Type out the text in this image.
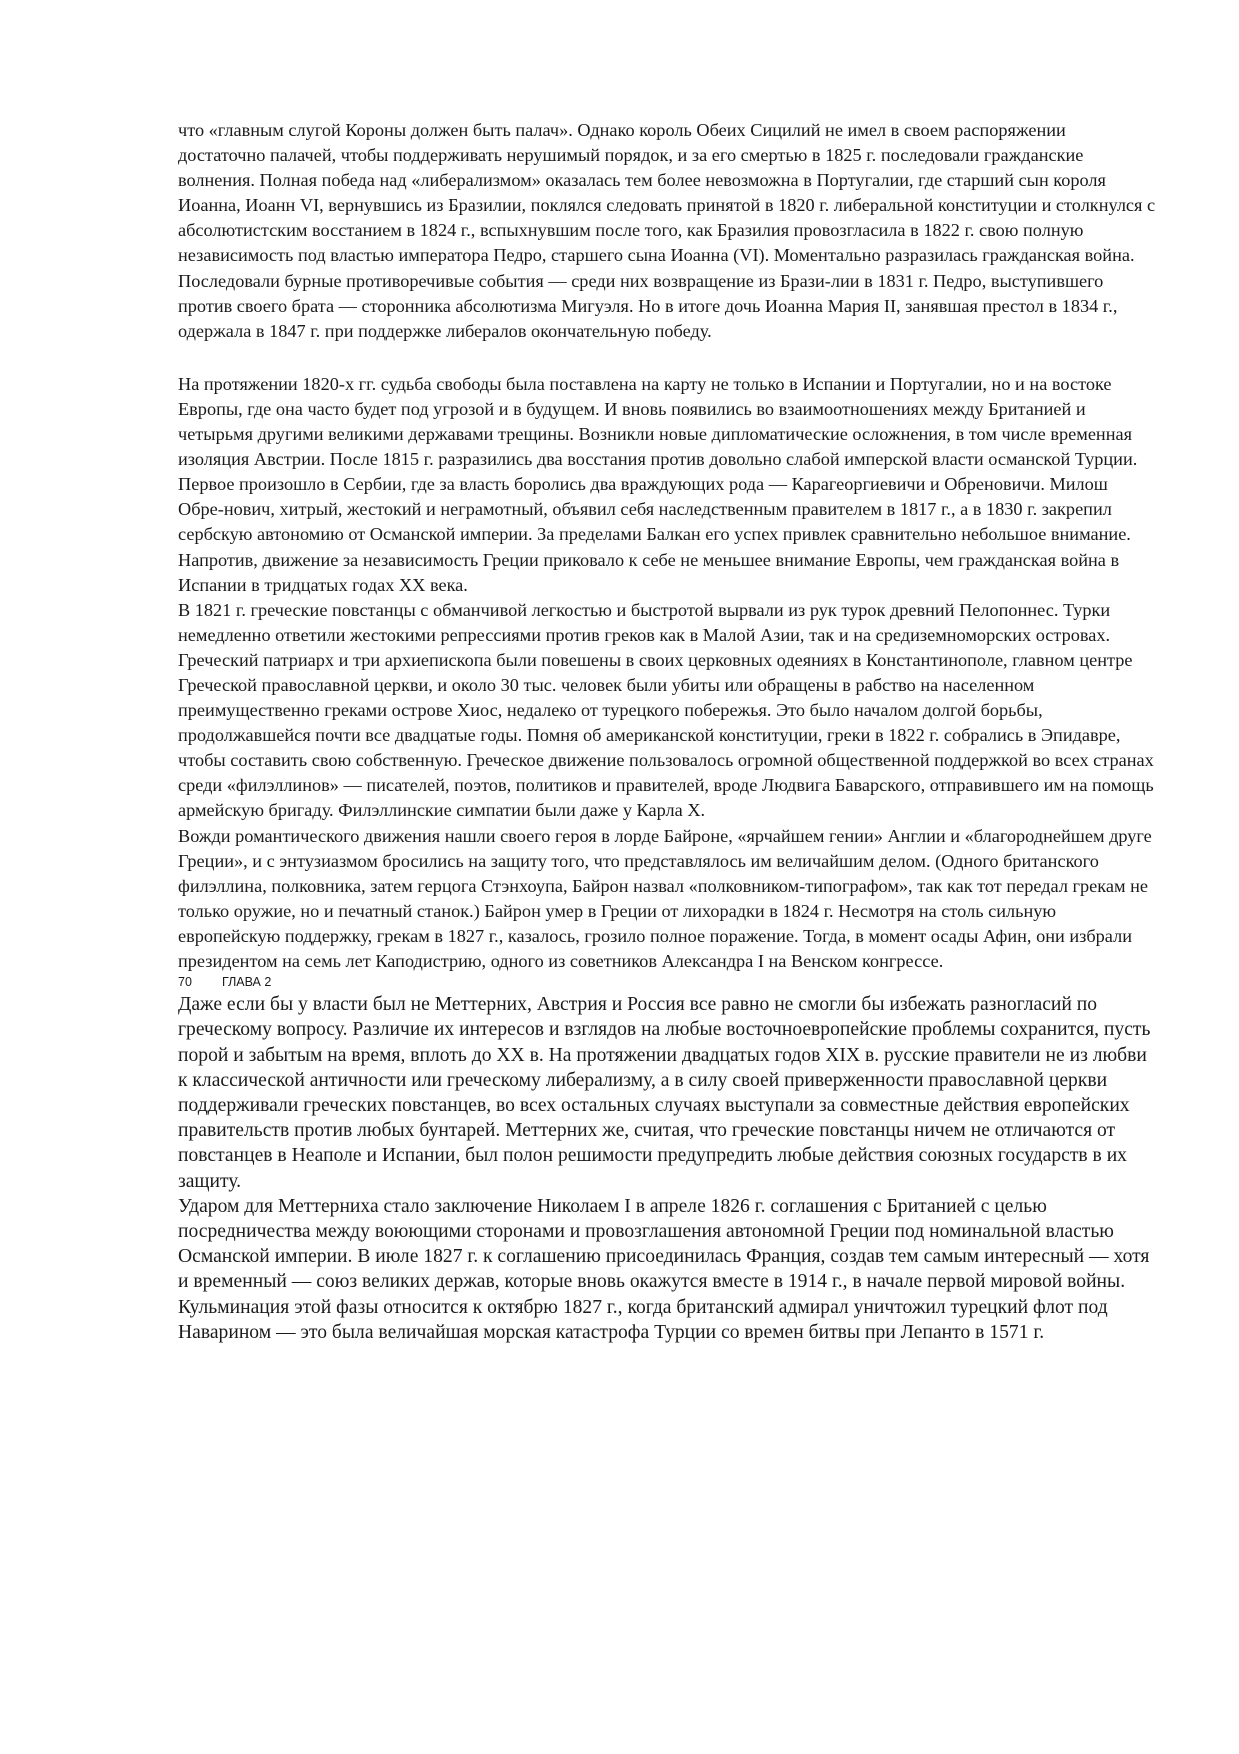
что «главным слугой Короны должен быть палач». Однако король Обеих Сицилий не имел в своем распоряжении достаточно палачей, чтобы поддерживать нерушимый порядок, и за его смертью в 1825 г. последовали гражданские волнения. Полная победа над «либерализмом» оказалась тем более невозможна в Португалии, где старший сын короля Иоанна, Иоанн VI, вернувшись из Бразилии, поклялся следовать принятой в 1820 г. либеральной конституции и столкнулся с абсолютистским восстанием в 1824 г., вспыхнувшим после того, как Бразилия провозгласила в 1822 г. свою полную независимость под властью императора Педро, старшего сына Иоанна (VI). Моментально разразилась гражданская война. Последовали бурные противоречивые события — среди них возвращение из Брази-лии в 1831 г. Педро, выступившего против своего брата — сторонника абсолютизма Мигуэля. Но в итоге дочь Иоанна Мария II, занявшая престол в 1834 г., одержала в 1847 г. при поддержке либералов окончательную победу.

На протяжении 1820-х гг. судьба свободы была поставлена на карту не только в Испании и Португалии, но и на востоке Европы, где она часто будет под угрозой и в будущем. И вновь появились во взаимоотношениях между Британией и четырьмя другими великими державами трещины. Возникли новые дипломатические осложнения, в том числе временная изоляция Австрии. После 1815 г. разразились два восстания против довольно слабой имперской власти османской Турции. Первое произошло в Сербии, где за власть боролись два враждующих рода — Карагеоргиевичи и Обреновичи. Милош Обре-нович, хитрый, жестокий и неграмотный, объявил себя наследственным правителем в 1817 г., а в 1830 г. закрепил сербскую автономию от Османской империи. За пределами Балкан его успех привлек сравнительно небольшое внимание. Напротив, движение за независимость Греции приковало к себе не меньшее внимание Европы, чем гражданская война в Испании в тридцатых годах XX века.

В 1821 г. греческие повстанцы с обманчивой легкостью и быстротой вырвали из рук турок древний Пелопоннес. Турки немедленно ответили жестокими репрессиями против греков как в Малой Азии, так и на средиземноморских островах. Греческий патриарх и три архиепископа были повешены в своих церковных одеяниях в Константинополе, главном центре Греческой православной церкви, и около 30 тыс. человек были убиты или обращены в рабство на населенном преимущественно греками острове Хиос, недалеко от турецкого побережья. Это было началом долгой борьбы, продолжавшейся почти все двадцатые годы. Помня об американской конституции, греки в 1822 г. собрались в Эпидавре, чтобы составить свою собственную. Греческое движение пользовалось огромной общественной поддержкой во всех странах среди «филэллинов» — писателей, поэтов, политиков и правителей, вроде Людвига Баварского, отправившего им на помощь армейскую бригаду. Филэллинские симпатии были даже у Карла X.

Вожди романтического движения нашли своего героя в лорде Байроне, «ярчайшем гении» Англии и «благороднейшем друге Греции», и с энтузиазмом бросились на защиту того, что представлялось им величайшим делом. (Одного британского филэллина, полковника, затем герцога Стэнхоупа, Байрон назвал «полковником-типографом», так как тот передал грекам не только оружие, но и печатный станок.) Байрон умер в Греции от лихорадки в 1824 г. Несмотря на столь сильную европейскую поддержку, грекам в 1827 г., казалось, грозило полное поражение. Тогда, в момент осады Афин, они избрали президентом на семь лет Каподистрию, одного из советников Александра I на Венском конгрессе.

70 ГЛАВА 2

Даже если бы у власти был не Меттерних, Австрия и Россия все равно не смогли бы избежать разногласий по греческому вопросу. Различие их интересов и взглядов на любые восточноевропейские проблемы сохранится, пусть порой и забытым на время, вплоть до XX в. На протяжении двадцатых годов XIX в. русские правители не из любви к классической античности или греческому либерализму, а в силу своей приверженности православной церкви поддерживали греческих повстанцев, во всех остальных случаях выступали за совместные действия европейских правительств против любых бунтарей. Меттерних же, считая, что греческие повстанцы ничем не отличаются от повстанцев в Неаполе и Испании, был полон решимости предупредить любые действия союзных государств в их защиту.

Ударом для Меттерниха стало заключение Николаем I в апреле 1826 г. соглашения с Британией с целью посредничества между воюющими сторонами и провозглашения автономной Греции под номинальной властью Османской империи. В июле 1827 г. к соглашению присоединилась Франция, создав тем самым интересный — хотя и временный — союз великих держав, которые вновь окажутся вместе в 1914 г., в начале первой мировой войны. Кульминация этой фазы относится к октябрю 1827 г., когда британский адмирал уничтожил турецкий флот под Наварином — это была величайшая морская катастрофа Турции со времен битвы при Лепанто в 1571 г.
